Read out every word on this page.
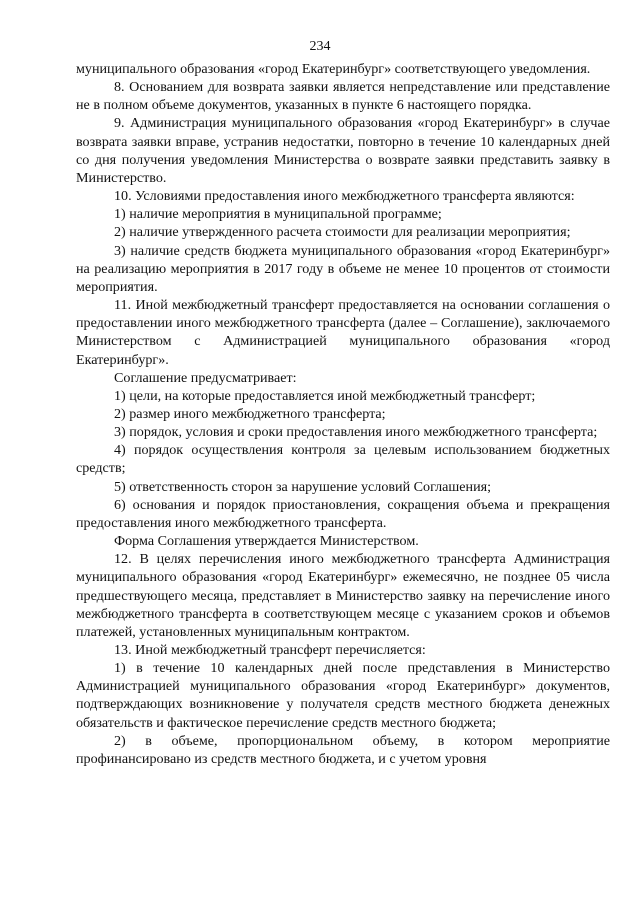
234

муниципального образования «город Екатеринбург» соответствующего уведомления.

8. Основанием для возврата заявки является непредставление или представление не в полном объеме документов, указанных в пункте 6 настоящего порядка.

9. Администрация муниципального образования «город Екатеринбург» в случае возврата заявки вправе, устранив недостатки, повторно в течение 10 календарных дней со дня получения уведомления Министерства о возврате заявки представить заявку в Министерство.

10. Условиями предоставления иного межбюджетного трансферта являются:

1) наличие мероприятия в муниципальной программе;

2) наличие утвержденного расчета стоимости для реализации мероприятия;

3) наличие средств бюджета муниципального образования «город Екатеринбург» на реализацию мероприятия в 2017 году в объеме не менее 10 процентов от стоимости мероприятия.

11. Иной межбюджетный трансферт предоставляется на основании соглашения о предоставлении иного межбюджетного трансферта (далее – Соглашение), заключаемого Министерством с Администрацией муниципального образования «город Екатеринбург».

Соглашение предусматривает:

1) цели, на которые предоставляется иной межбюджетный трансферт;

2) размер иного межбюджетного трансферта;

3) порядок, условия и сроки предоставления иного межбюджетного трансферта;

4) порядок осуществления контроля за целевым использованием бюджетных средств;

5) ответственность сторон за нарушение условий Соглашения;

6) основания и порядок приостановления, сокращения объема и прекращения предоставления иного межбюджетного трансферта.

Форма Соглашения утверждается Министерством.

12. В целях перечисления иного межбюджетного трансферта Администрация муниципального образования «город Екатеринбург» ежемесячно, не позднее 05 числа предшествующего месяца, представляет в Министерство заявку на перечисление иного межбюджетного трансферта в соответствующем месяце с указанием сроков и объемов платежей, установленных муниципальным контрактом.

13. Иной межбюджетный трансферт перечисляется:

1) в течение 10 календарных дней после представления в Министерство Администрацией муниципального образования «город Екатеринбург» документов, подтверждающих возникновение у получателя средств местного бюджета денежных обязательств и фактическое перечисление средств местного бюджета;

2) в объеме, пропорциональном объему, в котором мероприятие профинансировано из средств местного бюджета, и с учетом уровня
